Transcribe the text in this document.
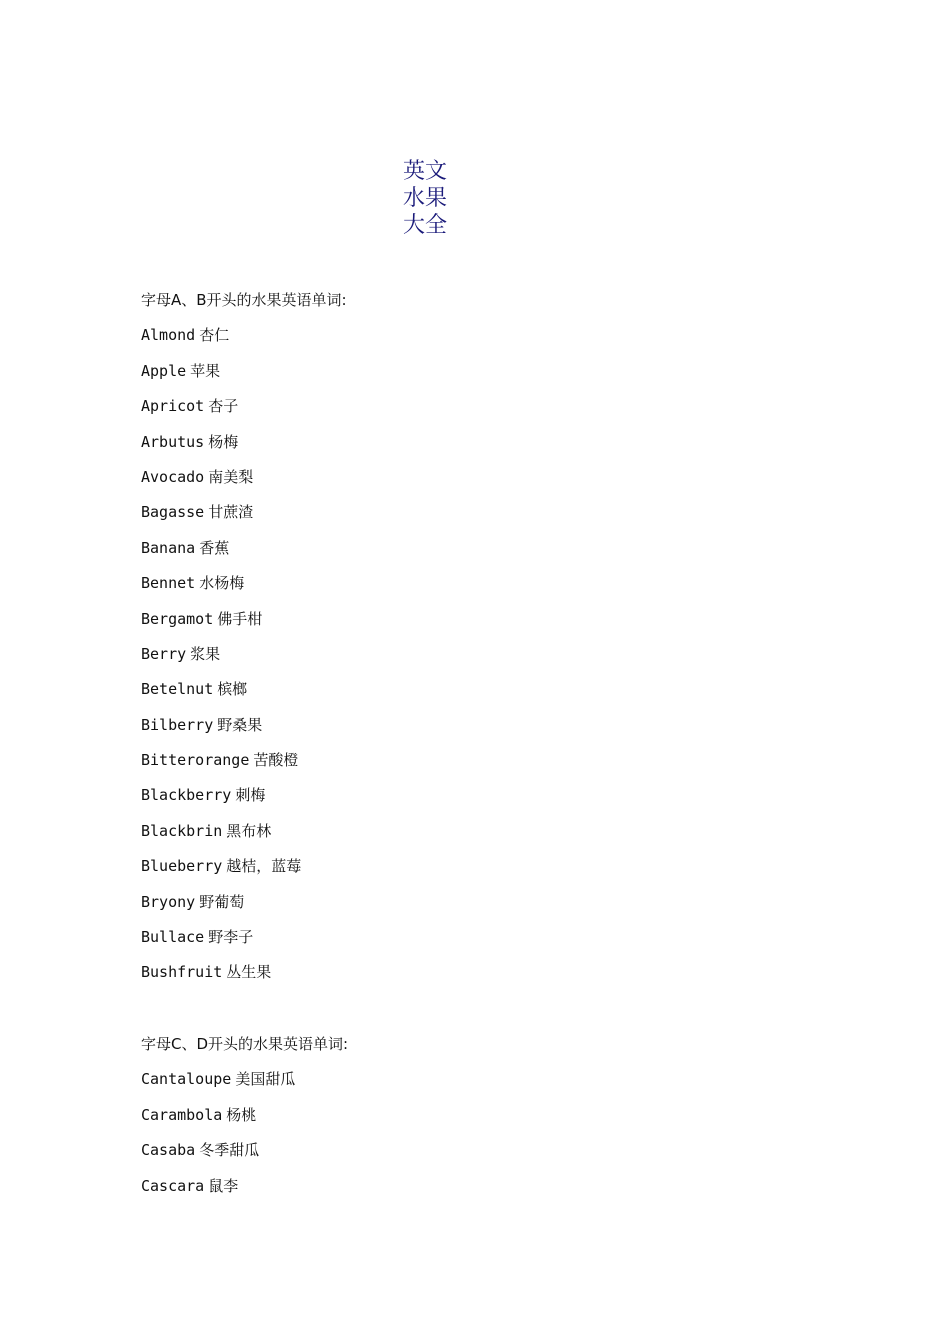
英文水果大全
字母A、B开头的水果英语单词:
Almond 杏仁
Apple 苹果
Apricot 杏子
Arbutus 杨梅
Avocado 南美梨
Bagasse 甘蔗渣
Banana 香蕉
Bennet 水杨梅
Bergamot 佛手柑
Berry 浆果
Betelnut 槟榔
Bilberry 野桑果
Bitterorange 苦酸橙
Blackberry 刺梅
Blackbrin 黑布林
Blueberry 越桔，蓝莓
Bryony 野葡萄
Bullace 野李子
Bushfruit 丛生果
字母C、D开头的水果英语单词:
Cantaloupe 美国甜瓜
Carambola 杨桃
Casaba 冬季甜瓜
Cascara 鼠李
